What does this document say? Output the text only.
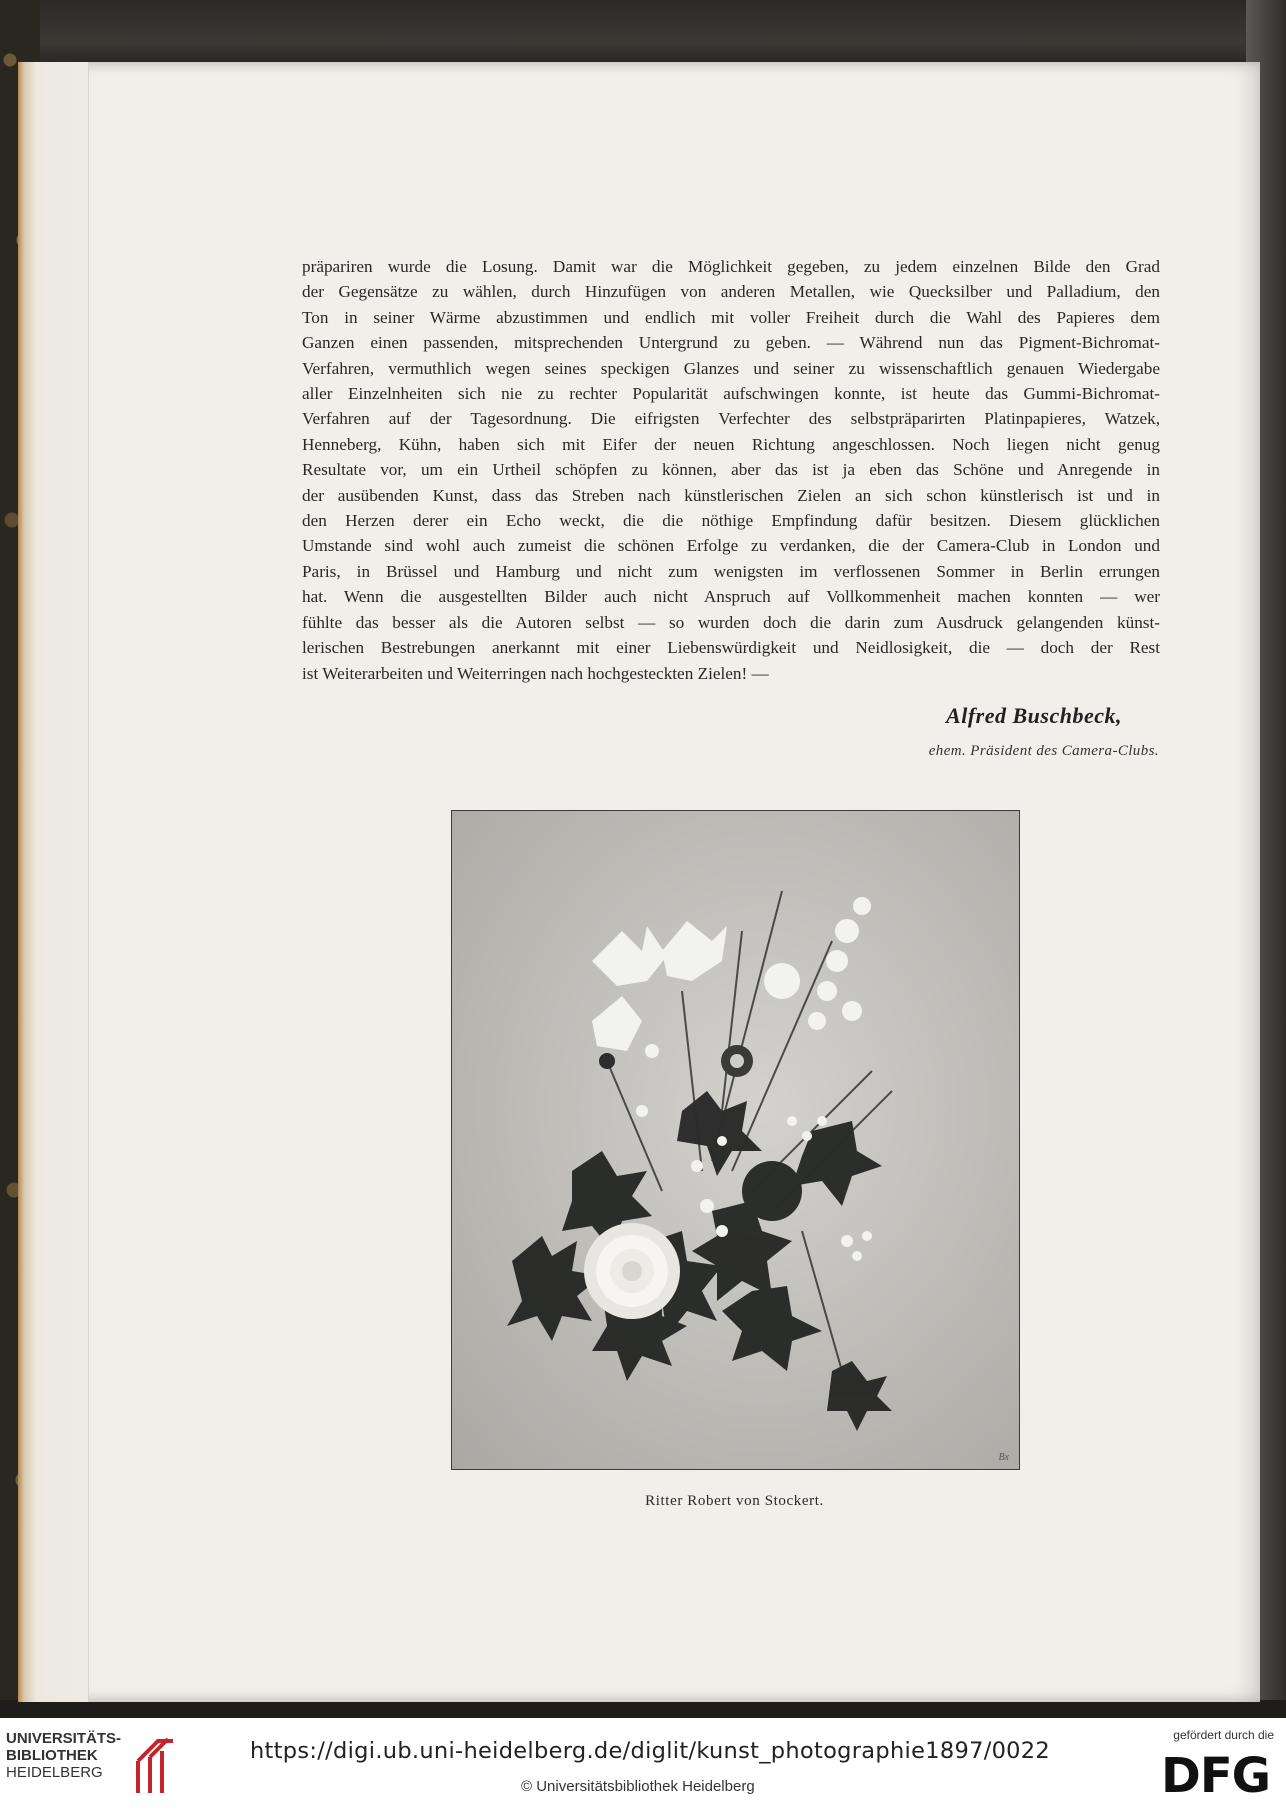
präpariren wurde die Losung. Damit war die Möglichkeit gegeben, zu jedem einzelnen Bilde den Grad
der Gegensätze zu wählen, durch Hinzufügen von anderen Metallen, wie Quecksilber und Palladium, den
Ton in seiner Wärme abzustimmen und endlich mit voller Freiheit durch die Wahl des Papieres dem
Ganzen einen passenden, mitsprechenden Untergrund zu geben. — Während nun das Pigment-Bichromat-
Verfahren, vermuthlich wegen seines speckigen Glanzes und seiner zu wissenschaftlich genauen Wiedergabe
aller Einzelnheiten sich nie zu rechter Popularität aufschwingen konnte, ist heute das Gummi-Bichromat-
Verfahren auf der Tagesordnung. Die eifrigsten Verfechter des selbstpräparirten Platinpapieres, Watzek,
Henneberg, Kühn, haben sich mit Eifer der neuen Richtung angeschlossen. Noch liegen nicht genug
Resultate vor, um ein Urtheil schöpfen zu können, aber das ist ja eben das Schöne und Anregende in
der ausübenden Kunst, dass das Streben nach künstlerischen Zielen an sich schon künstlerisch ist und in
den Herzen derer ein Echo weckt, die die nöthige Empfindung dafür besitzen. Diesem glücklichen
Umstande sind wohl auch zumeist die schönen Erfolge zu verdanken, die der Camera-Club in London und
Paris, in Brüssel und Hamburg und nicht zum wenigsten im verflossenen Sommer in Berlin errungen
hat. Wenn die ausgestellten Bilder auch nicht Anspruch auf Vollkommenheit machen konnten — wer
fühlte das besser als die Autoren selbst — so wurden doch die darin zum Ausdruck gelangenden künst-
lerischen Bestrebungen anerkannt mit einer Liebenswürdigkeit und Neidlosigkeit, die — doch der Rest
ist Weiterarbeiten und Weiterringen nach hochgesteckten Zielen! —
Alfred Buschbeck,
ehem. Präsident des Camera-Clubs.
Bx
Ritter Robert von Stockert.
UNIVERSITÄTS-
BIBLIOTHEK
HEIDELBERG
https://digi.ub.uni-heidelberg.de/diglit/kunst_photographie1897/0022
© Universitätsbibliothek Heidelberg
gefördert durch die
DFG
